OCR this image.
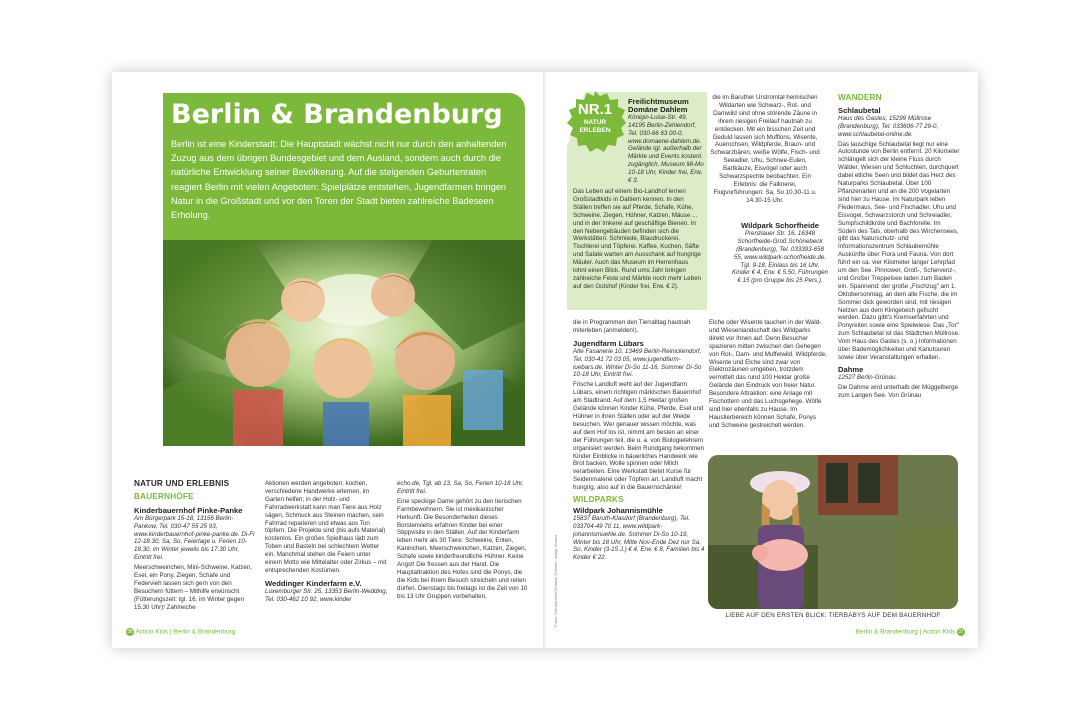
Berlin & Brandenburg

Berlin ist eine Kinderstadt: Die Hauptstadt wächst nicht nur durch den anhaltenden Zuzug aus dem übrigen Bundesgebiet und dem Ausland, sondern auch durch die natürliche Entwicklung seiner Bevölkerung. Auf die steigenden Geburtenraten reagiert Berlin mit vielen Angeboten: Spielplätze entstehen, Jugendfarmen bringen Natur in die Großstadt und vor den Toren der Stadt bieten zahlreiche Badeseen Erholung.

NATUR UND ERLEBNIS
BAUERNHÖFE
Kinderbauernhof Pinke-Panke

Am Bürgerpark 15-18, 13156 Berlin-Pankow, Tel. 030-47 55 25 93, www.kinderbauernhof-pinke-panke.de. Di-Fr 12-18.30, Sa, So, Feiertage u. Ferien 10-18.30, im Winter jeweils bis 17.30 Uhr, Eintritt frei.

Meerschweinchen, Mini-Schweine, Katzen, Esel, ein Pony, Ziegen, Schafe und Federvieh lassen sich gern von den Besuchern füttern – Mithilfe erwünscht (Fütterungszeit: tgl. 16, im Winter gegen 15.30 Uhr)! Zahlreiche

Aktionen werden angeboten: kochen, verschiedene Handwerke erlernen, im Garten helfen; in der Holz- und Fahrradwerkstatt kann man Tiere aus Holz sägen, Schmuck aus Steinen machen, sein Fahrrad reparieren und etwas aus Ton töpfern. Die Projekte sind (bis aufs Material) kostenlos. Ein großes Spielhaus lädt zum Toben und Basteln bei schlechtem Wetter ein. Manchmal stehen die Feiern unter einem Motto wie Mittelalter oder Zirkus – mit entsprechenden Kostümen.

Weddinger Kinderfarm e.V.

Luxemburger Str. 25, 13353 Berlin-Wedding, Tel. 030-462 10 92, www.kinder

echo.de, Tgl. ab 13, Sa, So, Ferien 10-18 Uhr, Eintritt frei.

Eine speckige Dame gehört zu den tierischen Farmbewohnern. Sie ist mexikanischer Herkunft. Die Besonderheiten dieses Borstenviehs erfahren Kinder bei einer Stippvisite in den Ställen. Auf der Kinderfarm leben mehr als 30 Tiere: Schweine, Enten, Kaninchen, Meerschweinchen, Katzen, Ziegen, Schafe sowie kinderfreundliche Hühner. Keine Angst! Die fressen aus der Hand. Die Hauptattraktion des Hofes sind die Ponys, die die Kids bei ihrem Besuch streicheln und reiten dürfen. Dienstags bis freitags ist die Zeit von 10 bis 13 Uhr Gruppen vorbehalten,	Fotos: iStockphoto/Christian Schwier; Image Source
36 Action Kids | Berlin & Brandenburg
Freilichtmuseum Domäne Dahlem

Königin-Luise-Str. 49, 14195 Berlin-Zehlendorf, Tel. 030-66 63 00-0, www.domaene-dahlem.de. Gelände tgl. außerhalb der Märkte und Events kostenl. zugänglich, Museum Mi-Mo 10-18 Uhr, Kinder frei, Erw. € 3.

Das Leben auf einem Bio-Landhof lernen Großstadtkids in Dahlem kennen. In den Ställen treffen sie auf Pferde, Schafe, Kühe, Schweine, Ziegen, Hühner, Katzen, Mäuse ... und in der Imkerei auf geschäftige Bienen. In den Nebengebäuden befinden sich die Werkstätten: Schmiede, Blaudruckerei, Tischlerei und Töpferei. Kaffee, Kuchen, Säfte und Salate warten am Ausschank auf hungrige Mäuler. Auch das Museum im Herrenhaus lohnt einen Blick. Rund ums Jahr bringen zahlreiche Feste und Märkte noch mehr Leben auf den Gutshof (Kinder frei, Erw. € 2).

NR.1
NATUR
ERLEBEN

die im Baruther Urstromtal heimischen Wildarten wie Schwarz-, Rot- und Damwild sind ohne störende Zäune in ihrem riesigen Freilauf hautnah zu entdecken. Mit ein bisschen Zeit und Geduld lassen sich Mufflons, Wisente, Auerochsen, Wildpferde, Braun- und Schwarzbären, weiße Wölfe, Fisch- und Seeadler, Uhu, Schnee-Eulen, Bartkäuze, Eisvögel oder auch Schwarzspechte beobachten. Ein Erlebnis: die Falknerei, Flugvorführungen: Sa, So 10.30-11 u. 14.30-15 Uhr.

Wildpark Schorfheide

Prenzlauer Str. 16, 16348 Schorfheide-Groß Schönebeck (Brandenburg), Tel. 033393-658 55, www.wildpark-schorfheide.de. Tgl. 9-18, Einlass bis 16 Uhr, Kinder € 4, Erw. € 5.50, Führungen € 15 (pro Gruppe bis 25 Pers.).

die in Programmen den Tierralltag hautnah miterleben (anmelden!).

Jugendfarm Lübars

Alte Fasanerie 10, 13469 Berlin-Reinickendorf, Tel. 030-41 72 03 05, www.jugendfarm-luebars.de. Winter Di-So 11-16, Sommer Di-So 10-18 Uhr, Eintritt frei.

Frische Landluft weht auf der Jugendfarm Lübars, einem richtigen märkischen Bauernhof am Stadtrand. Auf dem 1,5 Hektar großen Gelände können Kinder Kühe, Pferde, Esel und Hühner in ihren Ställen oder auf der Weide besuchen. Wer genauer wissen möchte, was auf dem Hof los ist, nimmt am besten an einer der Führungen teil, die u. a. von Biologielehrern organisiert werden. Beim Rundgang bekommen Kinder Einblicke in bäuerliches Handwerk wie Brot backen, Wolle spinnen oder Milch verarbeiten. Eine Werkstatt bietet Kurse für Seidenmalerei oder Töpfern an. Landluft macht hungrig, also auf in die Bauernschänke!

WILDPARKS
Wildpark Johannismühle

15837 Baruth-Klasdorf (Brandenburg), Tel. 033704-49 70 11, www.wildpark-johannismuehle.de. Sommer Di-So 10-19, Winter bis 18 Uhr, Mitte Nov-Ende Dez nur Sa, So, Kinder (3-15 J.) € 4, Erw. € 8, Familien bis 4 Kinder € 22.

Elche oder Wisente tauchen in der Wald- und Wiesenlandschaft des Wildparks direkt vor Ihnen auf. Denn Besucher spazieren mitten zwischen den Gehegen von Rot-, Dam- und Muffelwild. Wildpferde, Wisente und Elche sind zwar von Elektrozäunen umgeben, trotzdem vermittelt das rund 100 Hektar große Gelände den Eindruck von freier Natur. Besondere Attraktion: eine Anlage mit Fischottern und das Luchsgehege. Wölfe sind hier ebenfalls zu Hause. Im Haustierbereich können Schafe, Ponys und Schweine gestreichelt werden.

WANDERN
Schlaubetal

Haus des Gastes, 15299 Müllrose (Brandenburg), Tel. 033606-77 29-0, www.schlaubetal-online.de.

Das lauschige Schlaubetal liegt nur eine Autostunde von Berlin entfernt. 20 Kilometer schlängelt sich der kleine Fluss durch Wälder, Wiesen und Schluchten, durchquert dabei etliche Seen und bildet das Herz des Naturparks Schlaubetal. Über 100 Pflanzenarten und an die 200 Vogelarten sind hier zu Hause. Im Naturpark leben Fledermaus, See- und Fischadler, Uhu und Eisvogel, Schwarzstorch und Schreiadler, Sumpfschildkröte und Bachforelle. Im Süden des Tals, oberhalb des Wirchensees, gibt das Naturschutz- und Informationszentrum Schlaubemühle Auskünfte über Flora und Fauna. Von dort führt ein ca. vier Kilometer langer Lehrpfad um den See. Pinnower, Groß-, Schervenz-, und Großer Treppelsee laden zum Baden ein. Spannend: der große „Fischzug" am 1. Oktobersonntag, an dem alle Fische, die im Sommer dick geworden sind, mit riesigen Netzen aus dem Klingeteich gefischt werden. Dazu gibt's Kremserfahrten und Ponyreiten sowie eine Spielwiese. Das „Tor" zum Schlaubetal ist das Städtchen Müllrose. Vom Haus des Gastes (s. o.) Informationen über Bademöglichkeiten und Kanutouren sowie über Veranstaltungen erhalten.

Dahme

12527 Berlin-Grünau.

Die Dahme wird unterhalb der Müggelberge zum Langen See. Von Grünau

LIEBE AUF DEN ERSTEN BLICK: TIERBABYS AUF DEM BAUERNHOF
Berlin & Brandenburg | Action Kids 37
